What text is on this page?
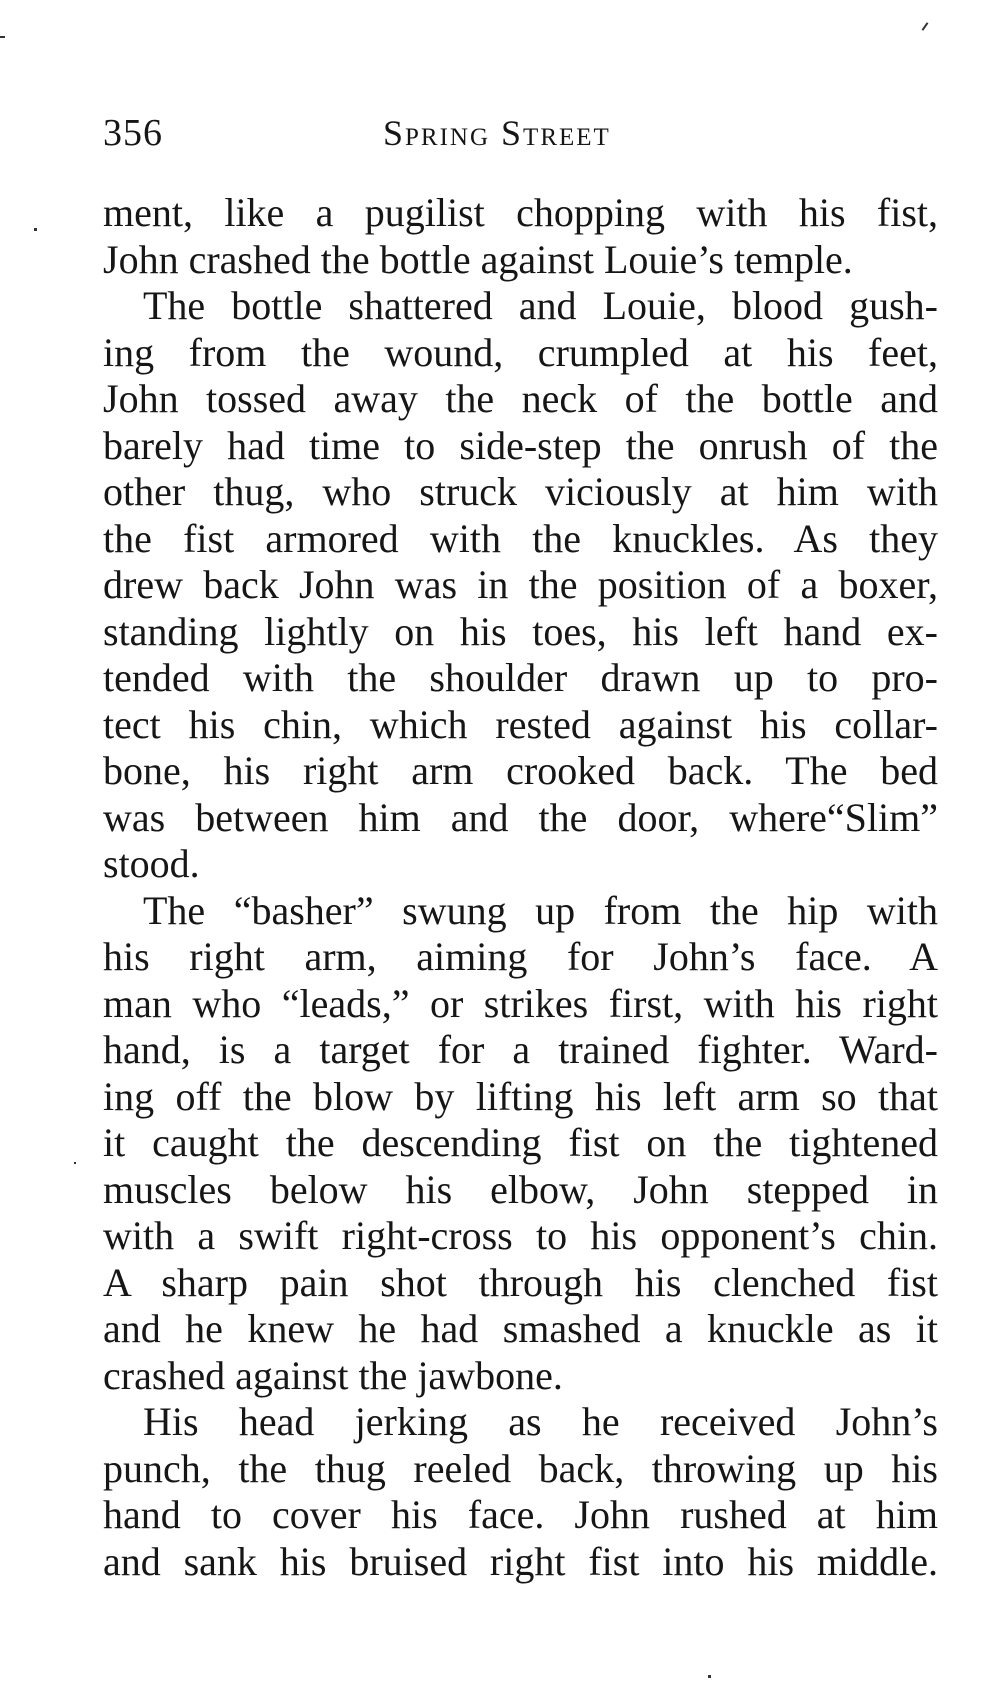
356	Spring Street

ment, like a pugilist chopping with his fist,
John crashed the bottle against Louie’s temple.

The bottle shattered and Louie, blood gush-
ing from the wound, crumpled at his feet,
John tossed away the neck of the bottle and
barely had time to side-step the onrush of the
other thug, who struck viciously at him with
the fist armored with the knuckles. As they
drew back John was in the position of a boxer,
standing lightly on his toes, his left hand ex-
tended with the shoulder drawn up to pro-
tect his chin, which rested against his collar-
bone, his right arm crooked back. The bed
was between him and the door, where“Slim”
stood.

The “basher” swung up from the hip with
his right arm, aiming for John’s face. A
man who “leads,” or strikes first, with his right
hand, is a target for a trained fighter. Ward-
ing off the blow by lifting his left arm so that
it caught the descending fist on the tightened
muscles below his elbow, John stepped in
with a swift right-cross to his opponent’s chin.
A sharp pain shot through his clenched fist
and he knew he had smashed a knuckle as it
crashed against the jawbone.

His head jerking as he received John’s
punch, the thug reeled back, throwing up his
hand to cover his face. John rushed at him
and sank his bruised right fist into his middle.
